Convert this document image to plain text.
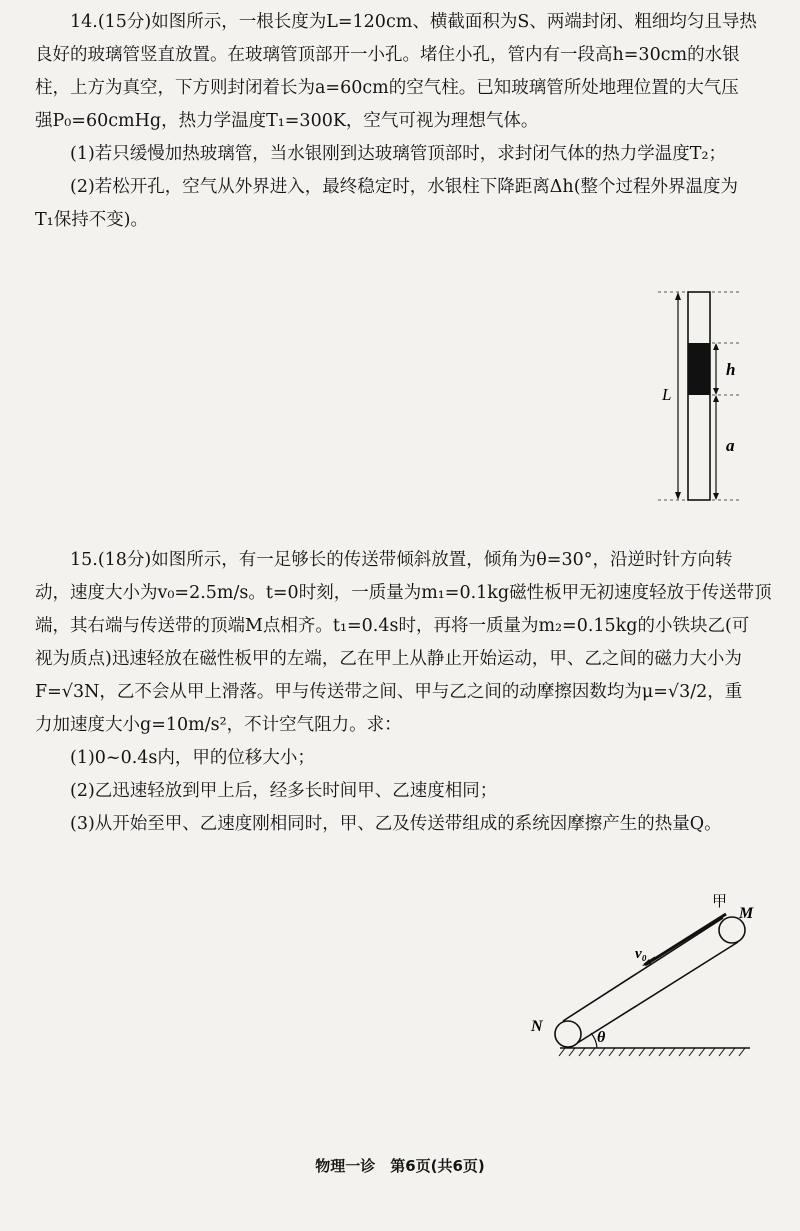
14.(15分)如图所示，一根长度为L=120cm、横截面积为S、两端封闭、粗细均匀且导热
良好的玻璃管竖直放置。在玻璃管顶部开一小孔。堵住小孔，管内有一段高h=30cm的水银
柱，上方为真空，下方则封闭着长为a=60cm的空气柱。已知玻璃管所处地理位置的大气压
强P₀=60cmHg，热力学温度T₁=300K，空气可视为理想气体。
(1)若只缓慢加热玻璃管，当水银刚到达玻璃管顶部时，求封闭气体的热力学温度T₂；
(2)若松开孔，空气从外界进入，最终稳定时，水银柱下降距离Δh(整个过程外界温度为
T₁保持不变)。
L
h
a
15.(18分)如图所示，有一足够长的传送带倾斜放置，倾角为θ=30°，沿逆时针方向转
动，速度大小为v₀=2.5m/s。t=0时刻，一质量为m₁=0.1kg磁性板甲无初速度轻放于传送带顶
端，其右端与传送带的顶端M点相齐。t₁=0.4s时，再将一质量为m₂=0.15kg的小铁块乙(可
视为质点)迅速轻放在磁性板甲的左端，乙在甲上从静止开始运动，甲、乙之间的磁力大小为
F=√3N，乙不会从甲上滑落。甲与传送带之间、甲与乙之间的动摩擦因数均为μ=√3/2，重
力加速度大小g=10m/s²，不计空气阻力。求：
(1)0~0.4s内，甲的位移大小；
(2)乙迅速轻放到甲上后，经多长时间甲、乙速度相同；
(3)从开始至甲、乙速度刚相同时，甲、乙及传送带组成的系统因摩擦产生的热量Q。
甲
M
v₀
N
θ
物理一诊　第6页(共6页)
